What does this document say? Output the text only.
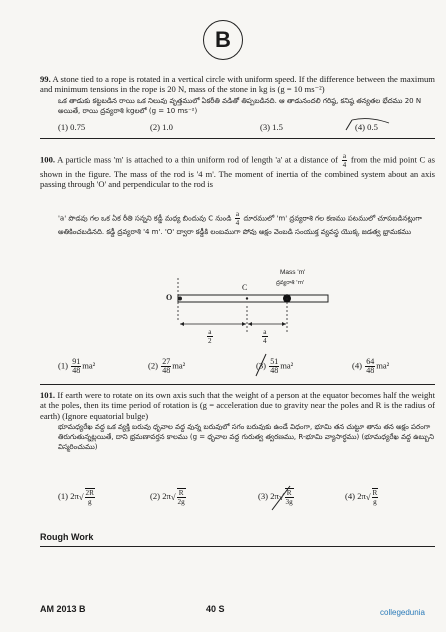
B
99. A stone tied to a rope is rotated in a vertical circle with uniform speed. If the difference between the maximum and minimum tensions in the rope is 20 N, mass of the stone in kg is (g = 10 ms⁻²)
ఒక తాడుకు కట్టబడిన రాయి ఒక నిలువు వృత్తములో ఏకరీతి వడితో తిప్పబడినది. ఆ తాడునందలి గరిష్ఠ, కనిష్ఠ తన్యతల భేదము 20 N అయితే, రాయి ద్రవ్యరాశి kgలలో (g = 10 ms⁻²)
(1) 0.75	(2) 1.0	(3) 1.5	(4) 0.5
100. A particle mass 'm' is attached to a thin uniform rod of length 'a' at a distance of $\frac{a}{4}$ from the mid point C as shown in the figure. The mass of the rod is '4 m'. The moment of inertia of the combined system about an axis passing through 'O' and perpendicular to the rod is
'a' పొడవు గల ఒక ఏక రీతి సన్నని కడ్డీ మధ్య బిందువు C నుండి $\frac{a}{4}$ దూరములో 'm' ద్రవ్యరాశి గల కణము పటములో చూపబడినట్లుగా అతికించబడినది. కడ్డీ ద్రవ్యరాశి '4 m'. 'O' ద్వారా కడ్డీకి లంబముగా పోవు అక్షం వెంబడి సంయుక్త వ్యవస్థ యొక్క జడత్వ భ్రామకము
Mass 'm'
ద్రవ్యరాశి 'm'
C
O
$\frac{a}{2}$	$\frac{a}{4}$
$(1) \frac{91}{48} ma^2$	$(2) \frac{27}{48} ma^2$	$(3) \frac{51}{48} ma^2$	$(4) \frac{64}{48} ma^2$
101. If earth were to rotate on its own axis such that the weight of a person at the equator becomes half the weight at the poles, then its time period of rotation is (g = acceleration due to gravity near the poles and R is the radius of earth) (Ignore equatorial bulge)
భూమధ్యరేఖ వద్ద ఒక వ్యక్తి బరువు ధృవాల వద్ద వున్న బరువులో సగం బరువుకు ఉండే విధంగా, భూమి తన చుట్టూ తాను తన అక్షం పరంగా తిరుగుతున్నట్లయితే, దాని భ్రమణావర్తన కాలము (g = ధృవాల వద్ద గురుత్వ త్వరణము, R-భూమి వ్యాసార్ధము) (భూమధ్యరేఖ వద్ద ఉబ్బుని విస్మరించుము)
(1) $2\pi√ \frac{2R}{g}$	(2) $2\pi√ \frac{R}{2g}$	(3) $2\pi√ \frac{R}{3g}$	(4) $2\pi√ \frac{R}{g}$
Rough Work
AM 2013 B	40 S	collegedunia
